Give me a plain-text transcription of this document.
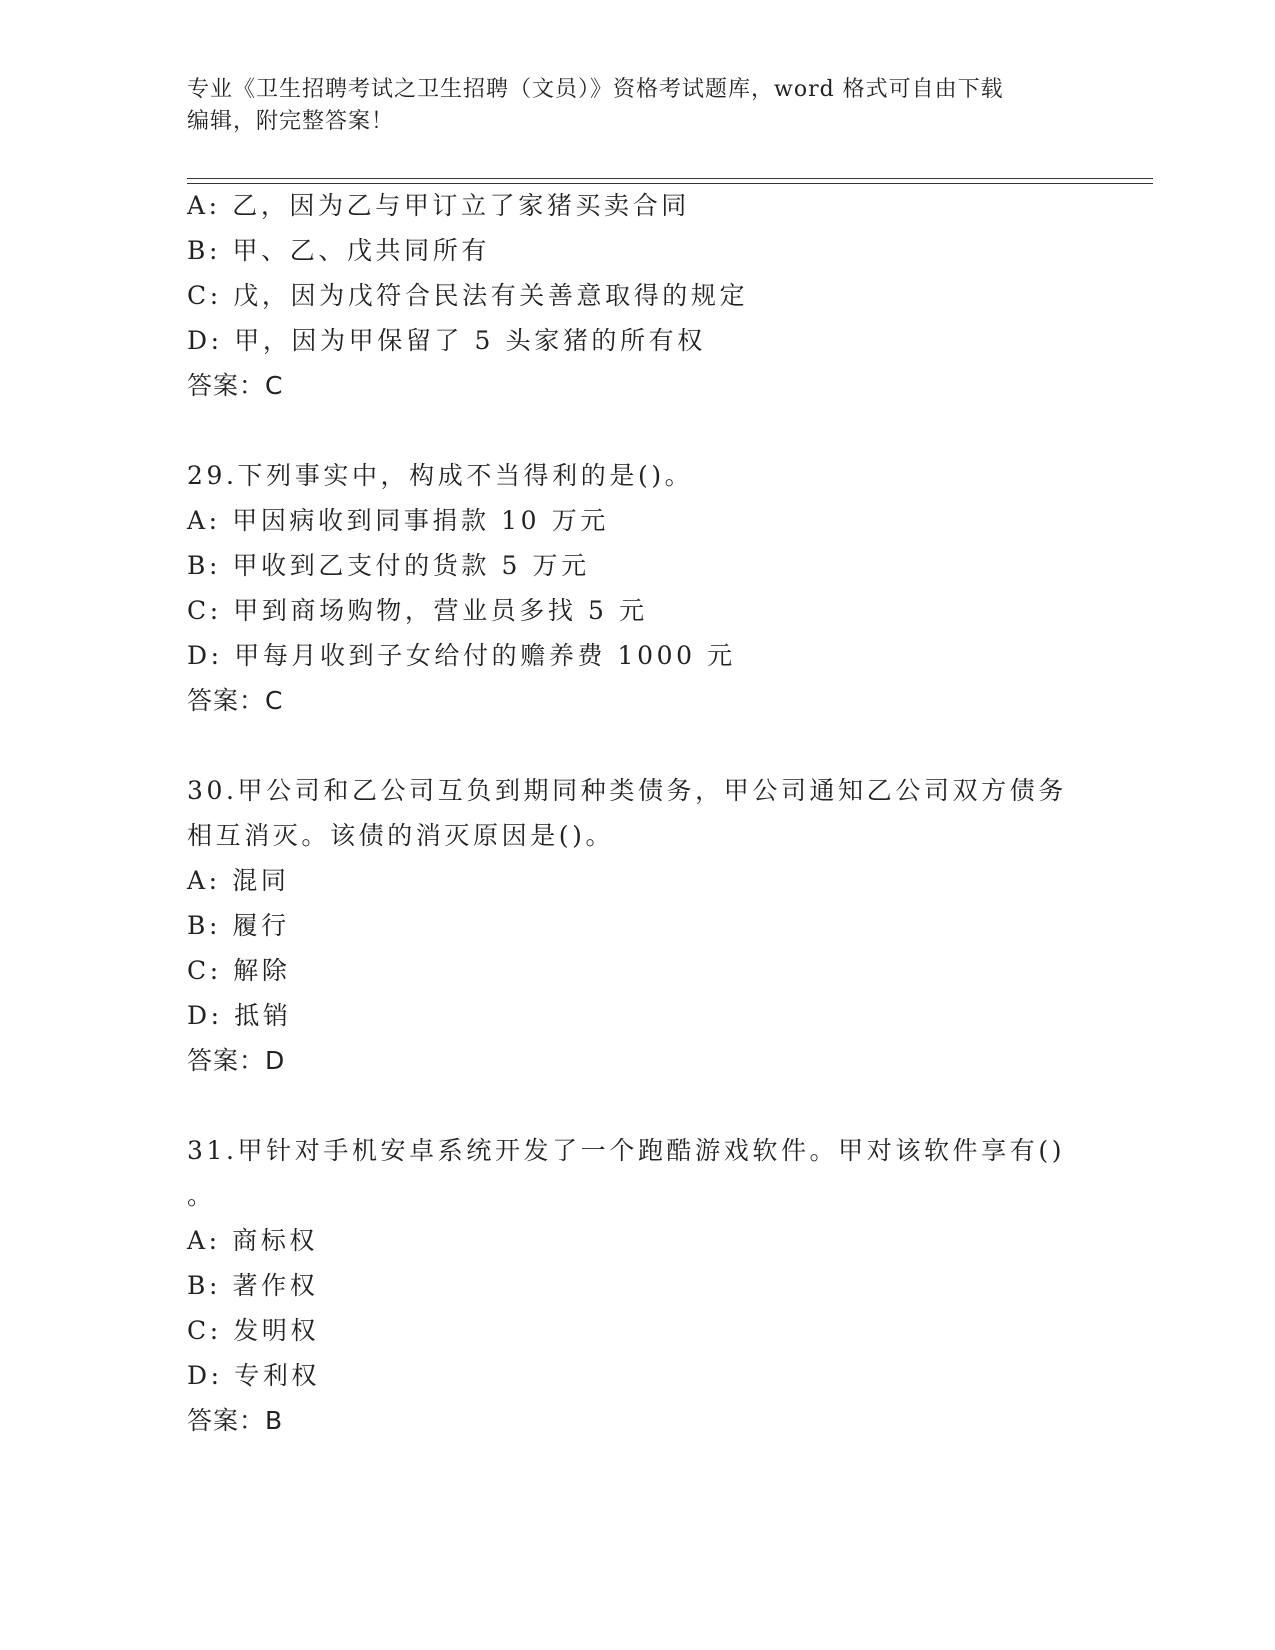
专业《卫生招聘考试之卫生招聘（文员）》资格考试题库，word 格式可自由下载
编辑，附完整答案！
A: 乙，因为乙与甲订立了家猪买卖合同
B: 甲、乙、戊共同所有
C: 戊，因为戊符合民法有关善意取得的规定
D: 甲，因为甲保留了 5 头家猪的所有权
答案：C
29.下列事实中，构成不当得利的是()。
A: 甲因病收到同事捐款 10 万元
B: 甲收到乙支付的货款 5 万元
C: 甲到商场购物，营业员多找 5 元
D: 甲每月收到子女给付的赡养费 1000 元
答案：C
30.甲公司和乙公司互负到期同种类债务，甲公司通知乙公司双方债务
相互消灭。该债的消灭原因是()。
A: 混同
B: 履行
C: 解除
D: 抵销
答案：D
31.甲针对手机安卓系统开发了一个跑酷游戏软件。甲对该软件享有()
。
A: 商标权
B: 著作权
C: 发明权
D: 专利权
答案：B
